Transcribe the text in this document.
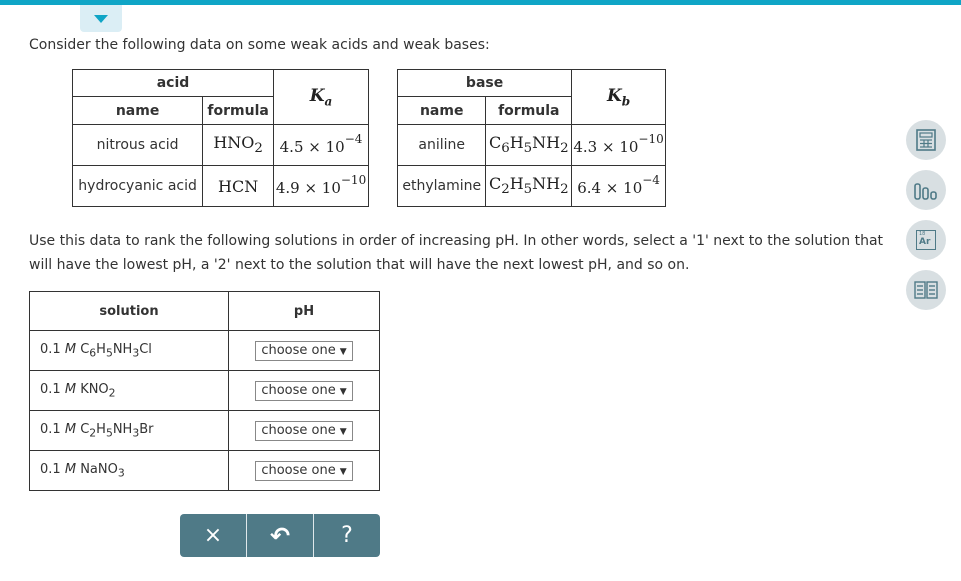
Consider the following data on some weak acids and weak bases:
acid		$K_a$
name	formula	
nitrous acid	$HNO_2$	$4.5 \times 10^{-4}$
hydrocyanic acid	HCN	$4.9 \times 10^{-10}$
base		$K_b$
name	formula	
aniline	$C_6H_5NH_2$	$4.3 \times 10^{-10}$
ethylamine	$C_2H_5NH_2$	$6.4 \times 10^{-4}$
Use this data to rank the following solutions in order of increasing pH. In other words, select a '1' next to the solution that will have the lowest pH, a '2' next to the solution that will have the next lowest pH, and so on.
solution	pH
0.1 M $C_6H_5NH_3Cl$	choose one ▼
0.1 M $KNO_2$	choose one ▼
0.1 M $C_2H_5NH_3Br$	choose one ▼
0.1 M NaNO$_3$	choose one ▼
× ↶ ?
18
Ar
